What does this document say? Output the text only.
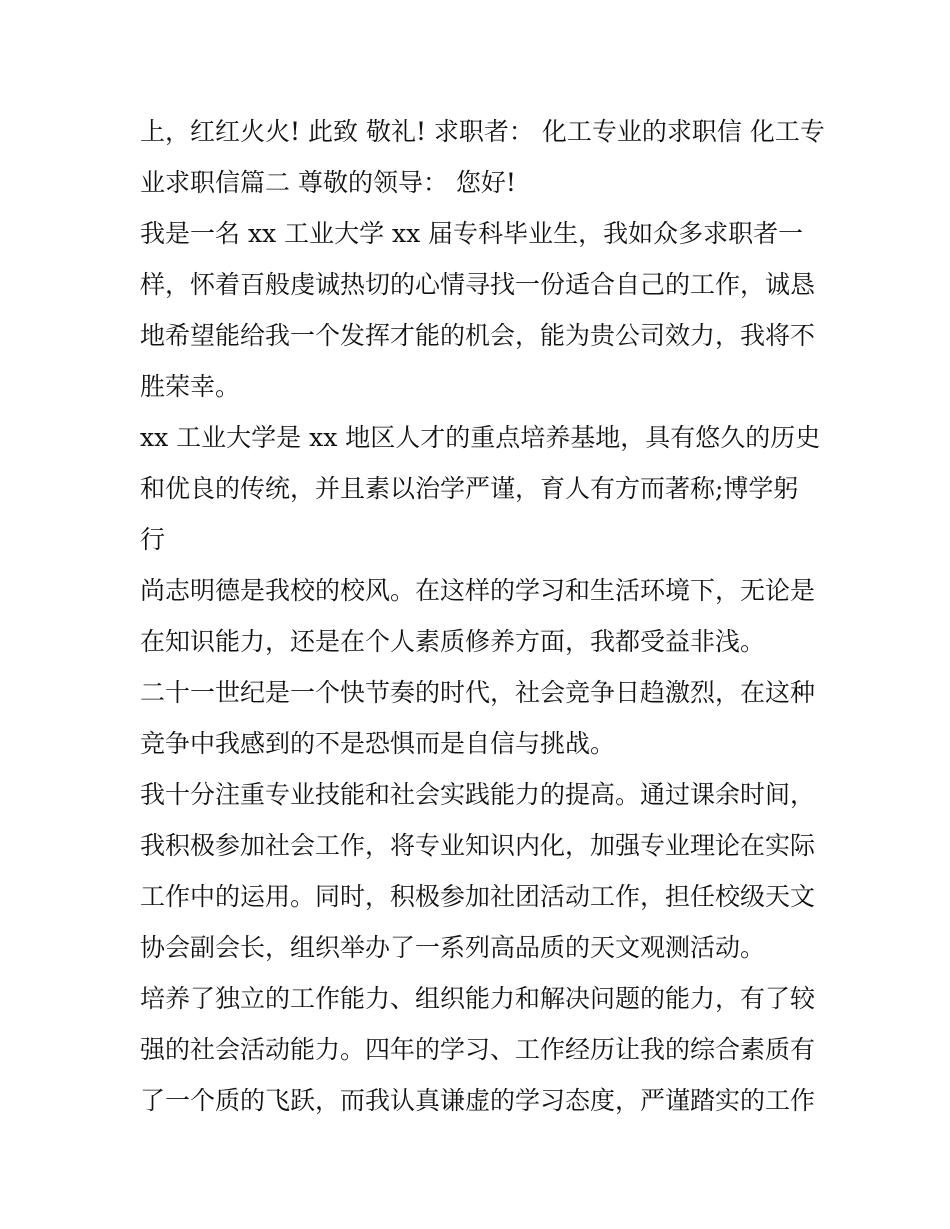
上，红红火火! 此致 敬礼! 求职者： 化工专业的求职信 化工专
业求职信篇二 尊敬的领导： 您好!
我是一名 xx 工业大学 xx 届专科毕业生，我如众多求职者一
样，怀着百般虔诚热切的心情寻找一份适合自己的工作，诚恳
地希望能给我一个发挥才能的机会，能为贵公司效力，我将不
胜荣幸。
xx 工业大学是 xx 地区人才的重点培养基地，具有悠久的历史
和优良的传统，并且素以治学严谨，育人有方而著称;博学躬
行
尚志明德是我校的校风。在这样的学习和生活环境下，无论是
在知识能力，还是在个人素质修养方面，我都受益非浅。
二十一世纪是一个快节奏的时代，社会竞争日趋激烈，在这种
竞争中我感到的不是恐惧而是自信与挑战。
我十分注重专业技能和社会实践能力的提高。通过课余时间，
我积极参加社会工作，将专业知识内化，加强专业理论在实际
工作中的运用。同时，积极参加社团活动工作，担任校级天文
协会副会长，组织举办了一系列高品质的天文观测活动。
培养了独立的工作能力、组织能力和解决问题的能力，有了较
强的社会活动能力。四年的学习、工作经历让我的综合素质有
了一个质的飞跃，而我认真谦虚的学习态度，严谨踏实的工作
